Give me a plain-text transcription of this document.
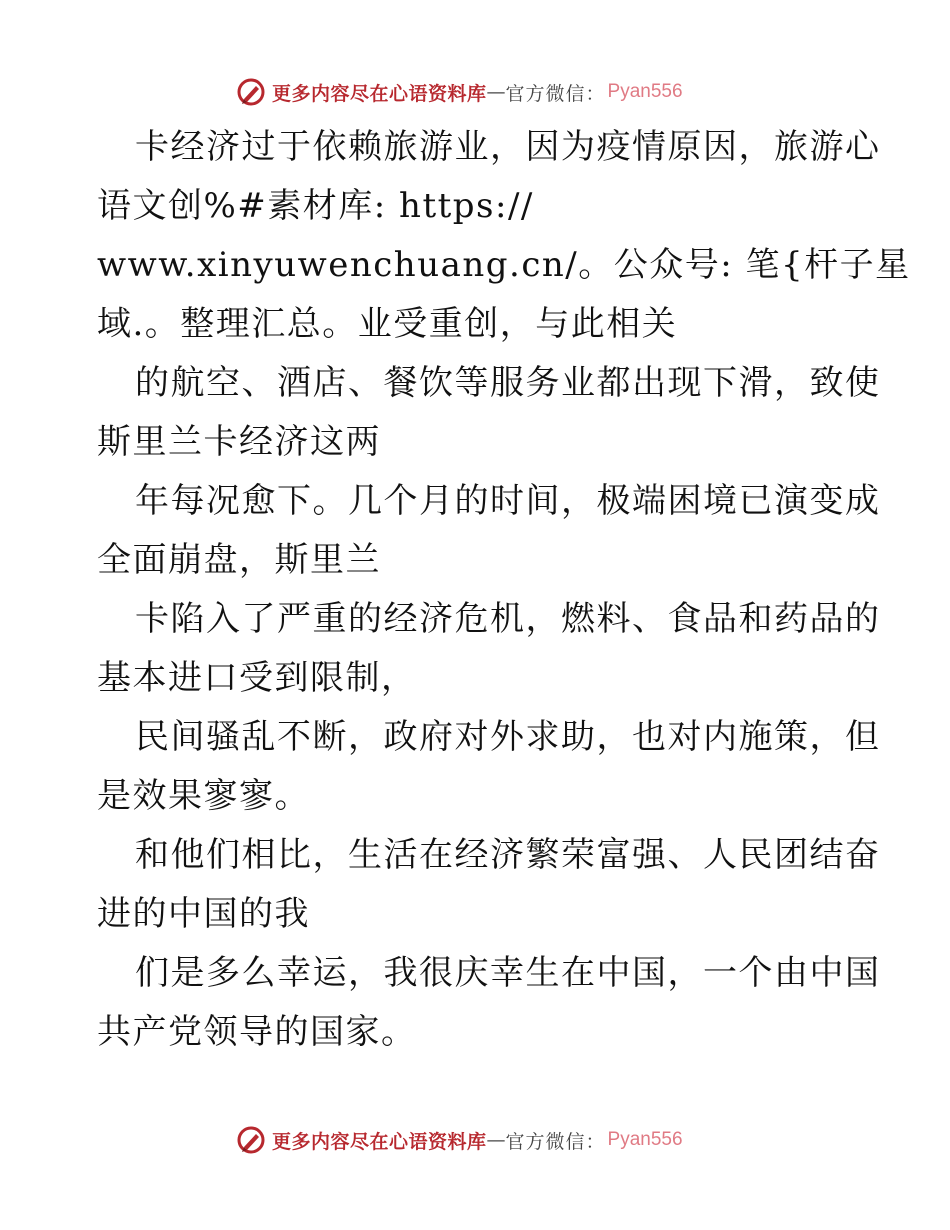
更多内容尽在心语资料库 — 官方微信： Pyan556
卡经济过于依赖旅游业，因为疫情原因，旅游心
语文创%#素材库: https://
www.xinyuwenchuang.cn/。公众号: 笔{杆子星
域.。整理汇总。业受重创，与此相关
的航空、酒店、餐饮等服务业都出现下滑，致使
斯里兰卡经济这两
年每况愈下。几个月的时间，极端困境已演变成
全面崩盘，斯里兰
卡陷入了严重的经济危机，燃料、食品和药品的
基本进口受到限制，
民间骚乱不断，政府对外求助，也对内施策，但
是效果寥寥。
和他们相比，生活在经济繁荣富强、人民团结奋
进的中国的我
们是多么幸运，我很庆幸生在中国，一个由中国
共产党领导的国家。
更多内容尽在心语资料库 — 官方微信： Pyan556
